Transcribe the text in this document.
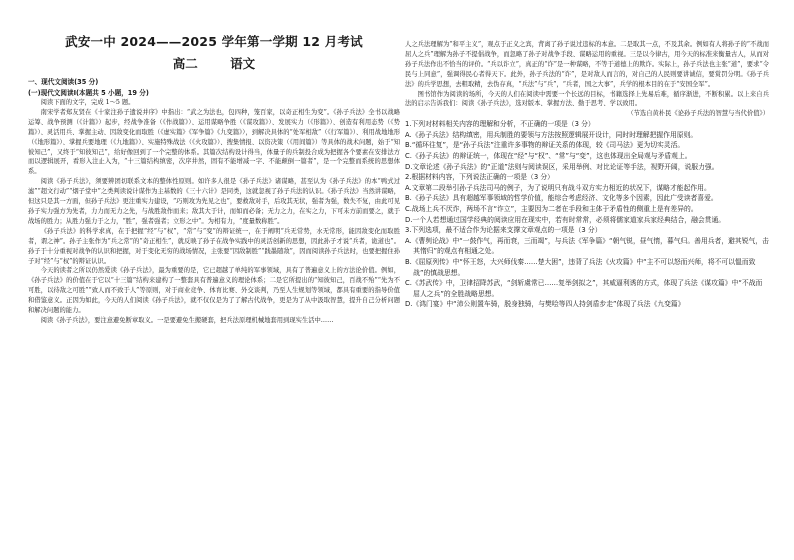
武安一中 2024——2025 学年第一学期 12 月考试
高二	语文
一、现代文阅读(35 分)
(一)现代文阅读Ⅰ(本题共 5 小题，19 分)

阅读下面的文字，完成 1～5 题。

南宋学者郑友贤在《十家注孙子遗说并序》中指出：“武之为法也，包四种，笼百家，以奇正相生为变”。《孙子兵法》全书以战略运筹、战争预测（《计篇》）起步，经战争准备（《作战篇》）、运用谋略争胜（《谋攻篇》）、发展实力（《形篇》）、创造有利用态势（《势篇》）、灵活用兵、掌握主动、因敌变化而取胜（《虚实篇》《军争篇》《九变篇》），到解决具体的“处军相敌”（《行军篇》）、利用战地地形（《地形篇》）、掌握兵要地理（《九地篇》）、实施特殊战法（《火攻篇》）、搜集情报、以资决策（《用间篇》）等具体的战术问题，始于“知彼知己”，又终于“知彼知己”，给好像回到了一个完整的体系。其篇次结构设计得当，体量子的兵制投合成为把握各个要素在安排法方而以逻辑展开，看形入注止入为，“十三篇结构缜密，次序井然，固有不能增减一字、不能颠倒一篇者”，是一个完整而系统的思想体系。

阅读《孙子兵法》，须要辨团切联系文本的整体性原则。如许多人很是《孙子兵法》诸谋略，甚至认为《孙子兵法》的本“鸭式过滤”“超文行动”“烟子堂中”之类判读说计谋作为主基数的《三十六计》是同类，这就忽视了孙子兵法的认识。《孙子兵法》当然讲谋略，但这只是其一方面，但孙子兵法》更注重实力建设，“巧则攻为先见之也”，要救敌对手，后攻其无状，强者为强，数失不复，由此可见孙子实力强方为先者，力力而无力之先，与战胜敌作而来；敌其大于计，而如而必备；无力之力，在实之力，下可未方前而要之，就于战场的胜力；从胜力强力于之力，“胜”，强者强者；立形之中”。为相有力，“度量数称胜”。

《孙子兵法》的科学求真，在于把握“经”与“权”，“常”与“变”的辩证统一，在于阐明“兵无常势，水无常形，能因敌变化而取胜者，谓之神”。孙子主张作为“兵之常”的“奇正相生”，就反映了孙子在战争实践中的灵活创新的思想，因此孙子才说“兵者，诡道也”。孙子于十分重视对战争的认识和把握，对于变化无穷的战场情况，主张要“因敌制胜”“践墨随敌”，因而阅读孙子兵法时，也要把握住孙子对“经”与“权”的辩证认识。

今天的读者之所以仍然爱读《孙子兵法》，最为重要的是，它已超越了单纯的军事领域，具有了普遍意义上的方法论价值。例如，《孙子兵法》的价值在于它以“十三篇”结构来建构了一整套具有普遍意义的理论体系；二是它所提出的“知彼知己，百战不殆”“先为不可胜，以待敌之可胜”“致人而不致于人”等原则，对于商业竞争、体育比赛、外交谈判，乃至人生规划等领域，都具有重要的指导价值和借鉴意义。正因为如此，今天的人们阅读《孙子兵法》，就不仅仅是为了了解古代战争，更是为了从中汲取智慧，提升自己分析问题和解决问题的能力。

阅读《孙子兵法》，要注意避免断章取义。一是要避免生搬硬套，把兵法原理机械地套用到现实生活中……

人之兵法理解为“和平主义”，观点于正义之宾，背离了孙子说过违标的本意。二是取其一点，不及其余。例如有人将孙子的“不战而屈人之兵”理解为孙子不提倡战争，而忽略了孙子对战争手段、谋略运用的重视。三是以今律古，用今天的标准来衡量古人，从而对孙子兵法作出不恰当的评价。“兵以诈立”，真正的“诈”是一种谋略，不等于道德上的欺诈。实际上，孙子兵法也主张“道”，要求“令民与上同意”，强调得民心者得天下。此外，孙子兵法的“诈”，是对敌人而言的，对自己的人民则要讲诚信，要赏罚分明。《孙子兵法》的兵学思想，去粗取精，去伪存真，“兵法”与“兵”，“兵者，国之大事”，兵学的根本目的在于“安国全军”。

图书馆作为阅读的场所，今天的人们在阅读中需要一个长远的目标，书籍选择上先易后难，循序渐进，不断积累。以上来自兵法的启示告诉我们：阅读《孙子兵法》，选对版本、掌握方法、勤于思考、学以致用。

（节选自黄朴民《论孙子兵法的智慧与当代价值》）

1.下列对材料相关内容的理解和分析，不正确的一项是（3 分）

A.《孙子兵法》结构缜密，用兵制胜的要领与方法按照逻辑展开设计，同时时理解把握作用原则。

B.“循环往复”，是“孙子兵法”注重许多事物的辩证关系的体现，较《司马法》更为切实灵活。

C.《孙子兵法》的辩证统一，体现在“经”与“权”、“常”与“变”，这也体现出全局观与矛盾观上。

D.文章论述《孙子兵法》的“正道”法则与阅读误区，采用举例、对比论证等手法，视野开阔，说服力强。

2.根据材料内容，下列说法正确的一项是（3 分）

A.文章第二段举引孙子兵法司马的例子，为了说明只有战斗双方实力相近的状况下，谋略才能起作用。

B.《孙子兵法》具有超越军事领域的哲学价值，能综合考虑经济、文化等多个因素，因此广受读者喜爱。

C.战场上兵不厌诈，两场不言“诈立”，主要因为二者在手段和主体于矛盾性的侧重上是有差异的。

D.一个人若想通过国学经典的阅读应用在现实中，若有时常常，必须将儒家道家兵家经典结合，融会贯通。

3.下列选项，最不适合作为论据来支撑文章观点的一项是（3 分）

A.《曹刿论战》中“一鼓作气，再而衰，三而竭”，与兵法《军争篇》“朝气锐，昼气惰，暮气归。善用兵者，避其锐气，击其惰归”的观点有相通之处。

B.《屈原列传》中“怀王怒，大兴师伐秦……楚大困”，违背了兵法《火攻篇》中“主不可以怒而兴师，将不可以愠而致战”的慎战思想。

C.《苏武传》中，卫律招降苏武，“剑斩虞常已……复举剑拟之”，其威逼利诱的方式，体现了兵法《谋攻篇》中“不战而屈人之兵”的全胜战略思想。

D.《鸿门宴》中“沛公则置车骑，脱身独骑，与樊哙等四人持剑盾步走”体现了兵法《九变篇》
